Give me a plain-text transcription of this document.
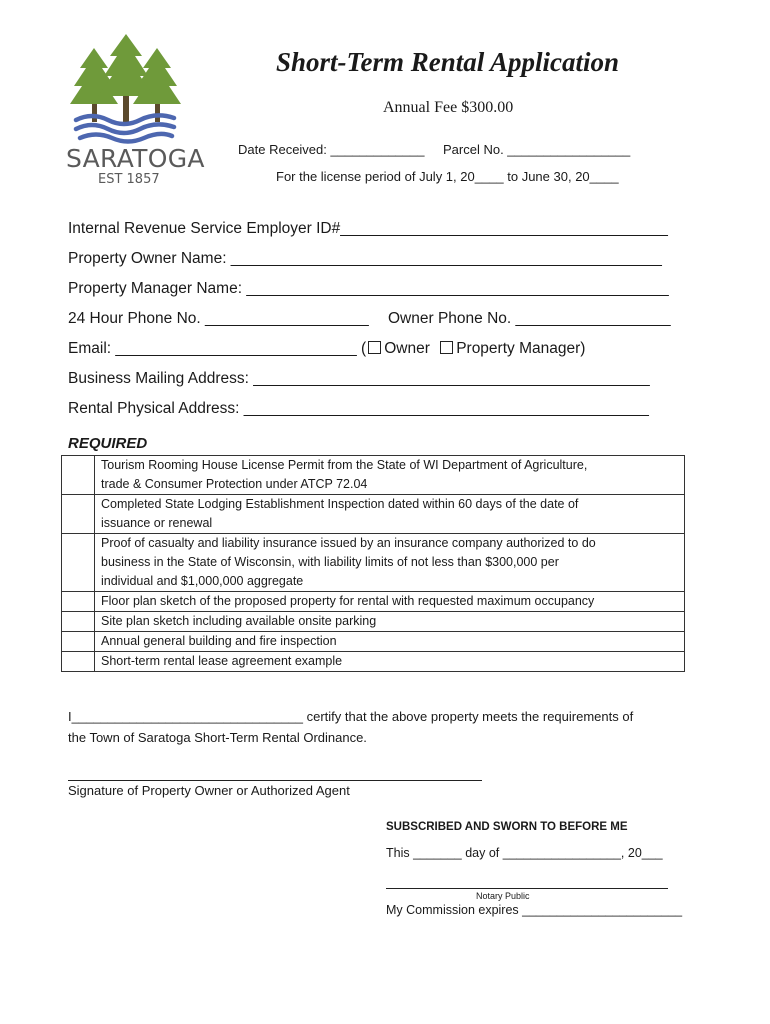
SARATOGA
EST 1857
Short-Term Rental Application
Annual Fee $300.00
Date Received: _____________ Parcel No. _________________
For the license period of July 1, 20____ to June 30, 20____
Internal Revenue Service Employer ID#______________________________________
Property Owner Name: __________________________________________________
Property Manager Name: _________________________________________________
24 Hour Phone No. ___________________ Owner Phone No. __________________
Email: ____________________________ ( Owner Property Manager)
Business Mailing Address: ______________________________________________
Rental Physical Address: _______________________________________________
REQUIRED

	Tourism Rooming House License Permit from the State of WI Department of Agriculture,
trade & Consumer Protection under ATCP 72.04

	Completed State Lodging Establishment Inspection dated within 60 days of the date of
issuance or renewal

	Proof of casualty and liability insurance issued by an insurance company authorized to do
business in the State of Wisconsin, with liability limits of not less than $300,000 per
individual and $1,000,000 aggregate

	Floor plan sketch of the proposed property for rental with requested maximum occupancy

	Site plan sketch including available onsite parking

	Annual general building and fire inspection

	Short-term rental lease agreement example
I________________________________ certify that the above property meets the requirements of
the Town of Saratoga Short-Term Rental Ordinance.
Signature of Property Owner or Authorized Agent
SUBSCRIBED AND SWORN TO BEFORE ME
This _______ day of _________________, 20___
Notary Public
My Commission expires _______________________
